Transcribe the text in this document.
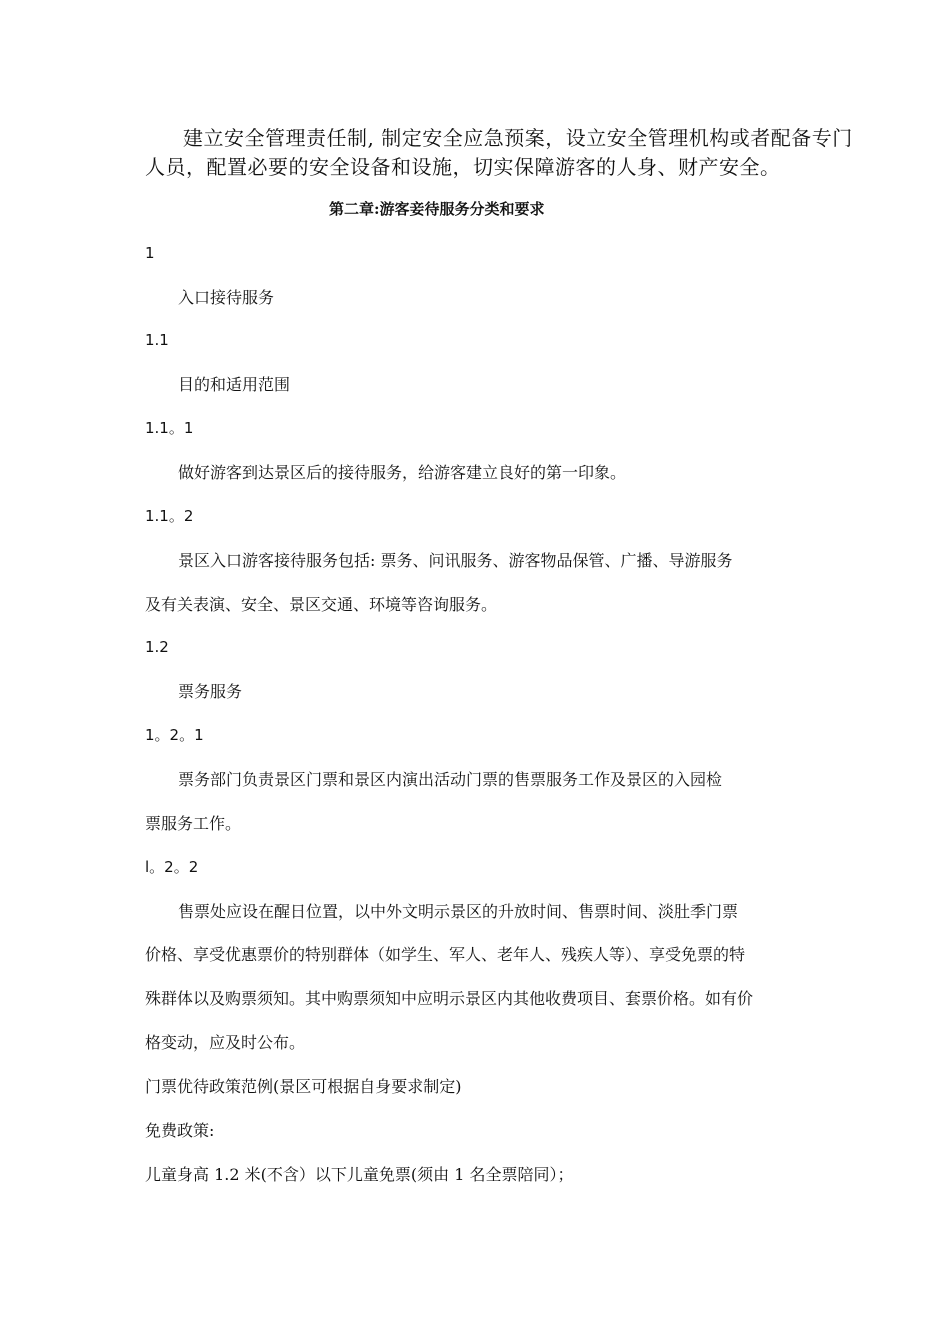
建立安全管理责任制, 制定安全应急预案，设立安全管理机构或者配备专门
人员，配置必要的安全设备和设施，切实保障游客的人身、财产安全。
第二章:游客妾待服务分类和要求
1
入口接待服务
1.1
目的和适用范围
1.1。1
做好游客到达景区后的接待服务，给游客建立良好的第一印象。
1.1。2
景区入口游客接待服务包括: 票务、问讯服务、游客物品保管、广播、导游服务
及有关表演、安全、景区交通、环境等咨询服务。
1.2
票务服务
1。2。1
票务部门负责景区门票和景区内演出活动门票的售票服务工作及景区的入园检
票服务工作。
l。2。2
售票处应设在醒日位置，以中外文明示景区的升放时间、售票时间、淡肚季门票
价格、享受优惠票价的特别群体（如学生、军人、老年人、残疾人等）、享受免票的特
殊群体以及购票须知。其中购票须知中应明示景区内其他收费项目、套票价格。如有价
格变动，应及时公布。
门票优待政策范例(景区可根据自身要求制定)
免费政策:
儿童身高 1.2 米(不含）以下儿童免票(须由 1 名全票陪同）；
